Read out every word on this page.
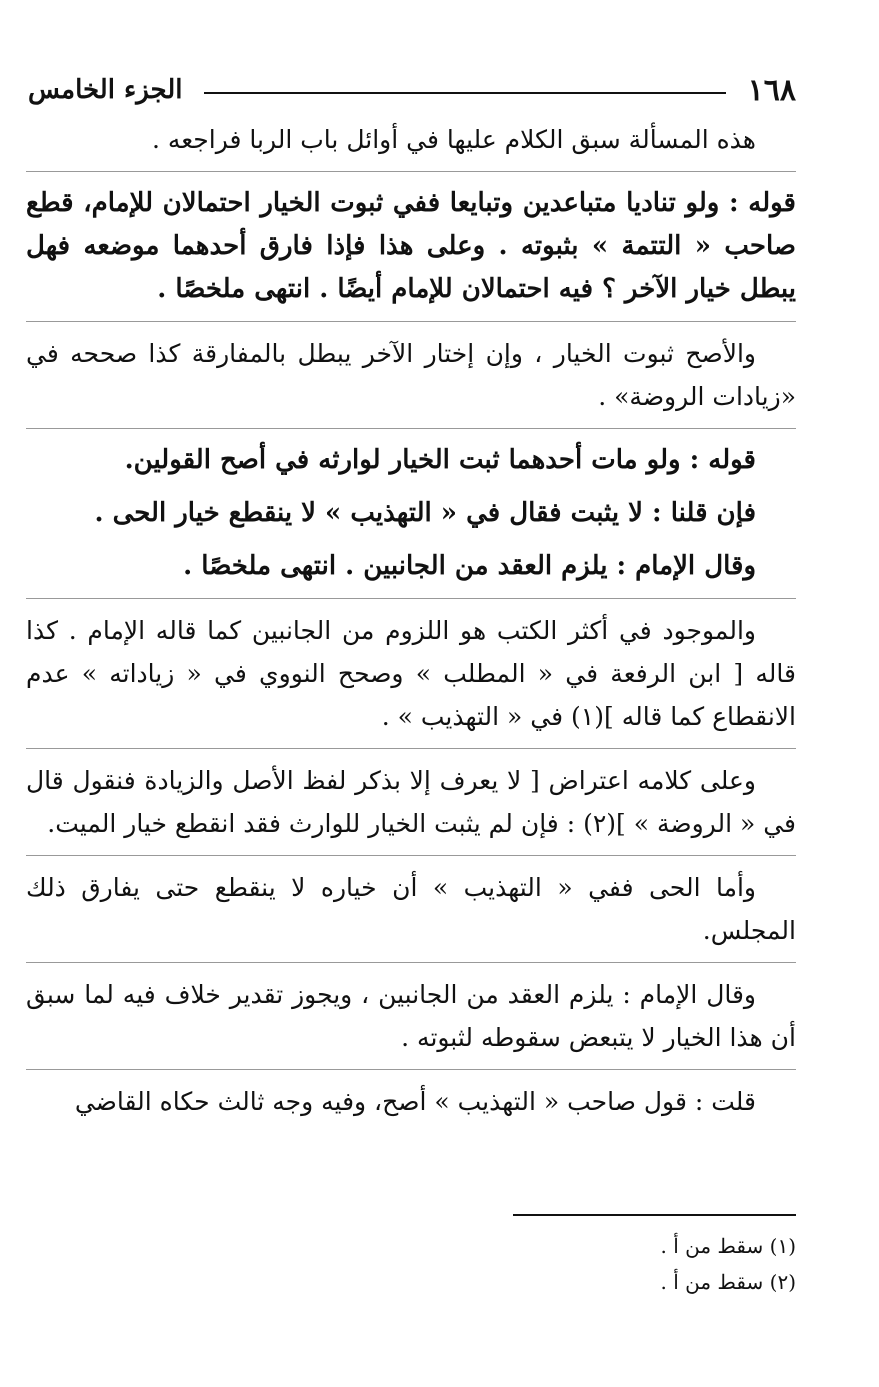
١٦٨
الجزء الخامس

هذه المسألة سبق الكلام عليها في أوائل باب الربا فراجعه .

قوله : ولو تناديا متباعدين وتبايعا ففي ثبوت الخيار احتمالان للإمام، قطع صاحب « التتمة » بثبوته . وعلى هذا فإذا فارق أحدهما موضعه فهل يبطل خيار الآخر ؟ فيه احتمالان للإمام أيضًا . انتهى ملخصًا .

والأصح ثبوت الخيار ، وإن إختار الآخر يبطل بالمفارقة كذا صححه في «زيادات الروضة» .

قوله : ولو مات أحدهما ثبت الخيار لوارثه في أصح القولين.

فإن قلنا : لا يثبت فقال في « التهذيب » لا ينقطع خيار الحى .

وقال الإمام : يلزم العقد من الجانبين . انتهى ملخصًا .

والموجود في أكثر الكتب هو اللزوم من الجانبين كما قاله الإمام . كذا قاله [ ابن الرفعة في « المطلب » وصحح النووي في « زياداته » عدم الانقطاع كما قاله ](١) في « التهذيب » .

وعلى كلامه اعتراض [ لا يعرف إلا بذكر لفظ الأصل والزيادة فنقول قال في « الروضة » ](٢) : فإن لم يثبت الخيار للوارث فقد انقطع خيار الميت.

وأما الحى ففي « التهذيب » أن خياره لا ينقطع حتى يفارق ذلك المجلس.

وقال الإمام : يلزم العقد من الجانبين ، ويجوز تقدير خلاف فيه لما سبق أن هذا الخيار لا يتبعض سقوطه لثبوته .

قلت : قول صاحب « التهذيب » أصح، وفيه وجه ثالث حكاه القاضي

(١) سقط من أ .

(٢) سقط من أ .
